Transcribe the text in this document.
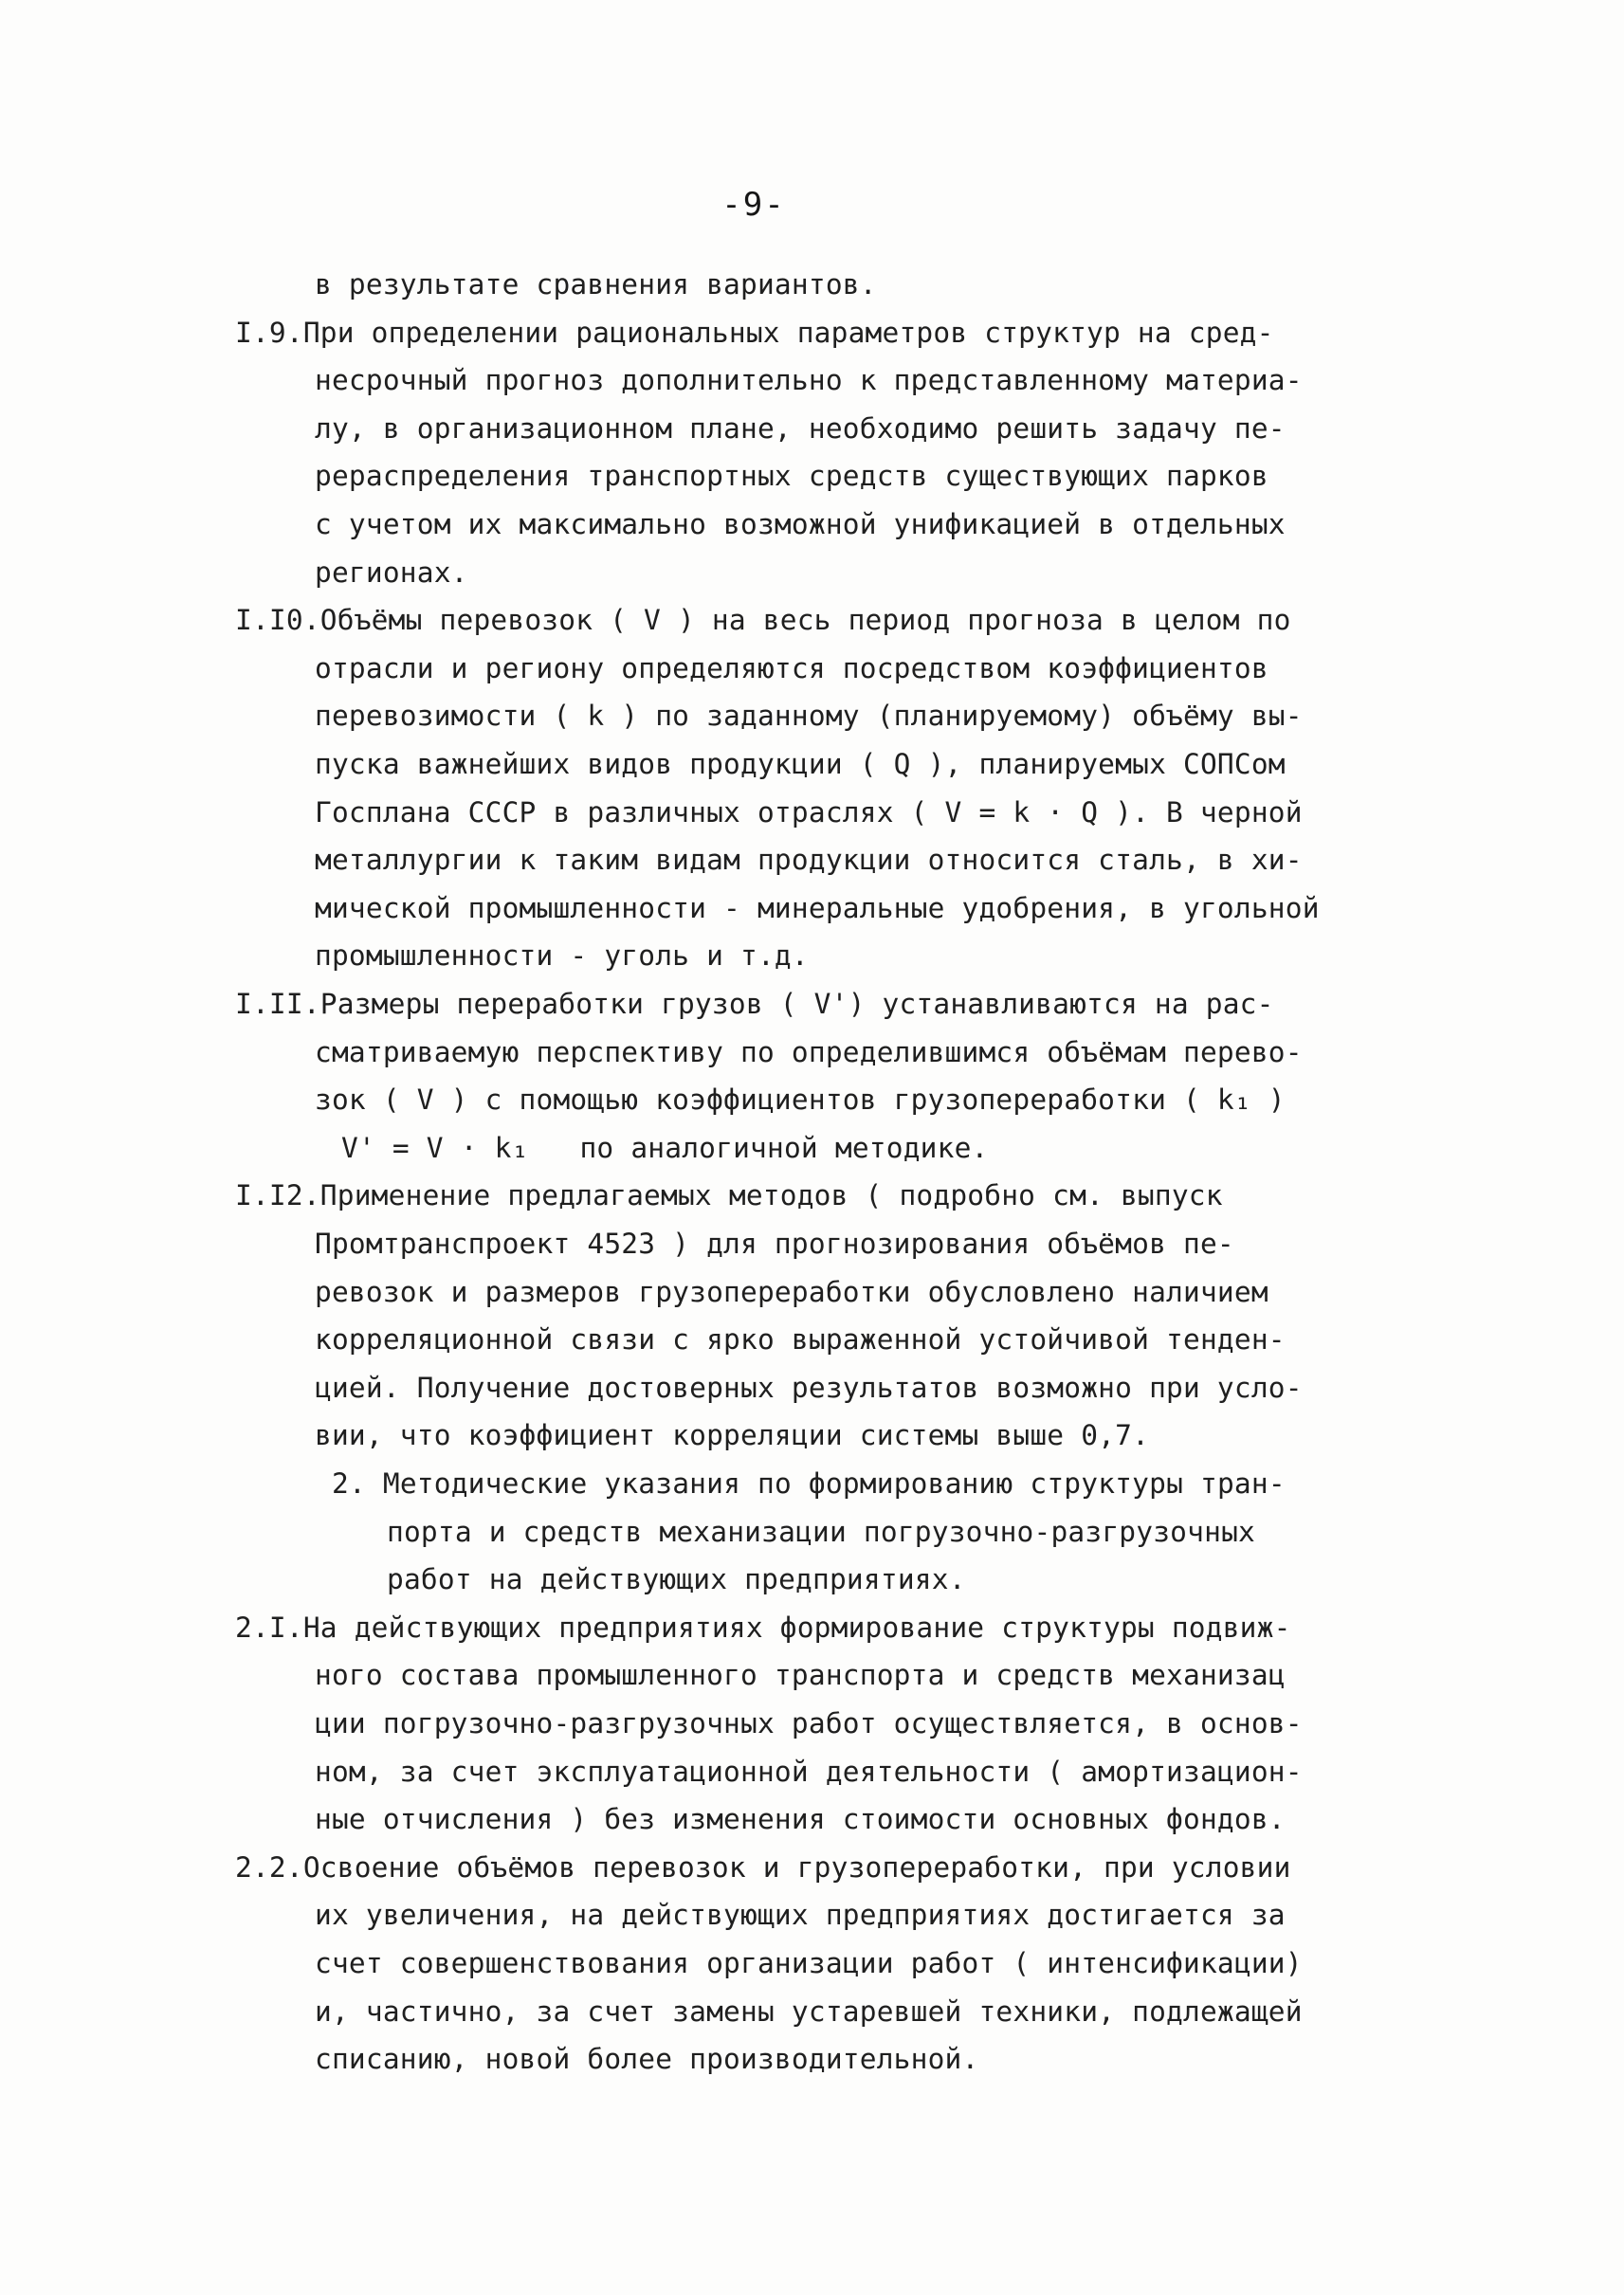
-9-
в результате сравнения вариантов.
I.9.При определении рациональных параметров структур на сред-
несрочный прогноз дополнительно к представленному материа-
лу, в организационном плане, необходимо решить задачу пе-
рераспределения транспортных средств существующих парков
с учетом их максимально возможной унификацией в отдельных
регионах.
I.I0.Объёмы перевозок ( V ) на весь период прогноза в целом по
отрасли и региону определяются посредством коэффициентов
перевозимости ( k ) по заданному (планируемому) объёму вы-
пуска важнейших видов продукции ( Q ), планируемых СОПСом
Госплана СССР в различных отраслях ( V = k · Q ). В черной
металлургии к таким видам продукции относится сталь, в хи-
мической промышленности - минеральные удобрения, в угольной
промышленности - уголь и т.д.
I.II.Размеры переработки грузов ( V') устанавливаются на рас-
сматриваемую перспективу по определившимся объёмам перево-
зок ( V ) с помощью коэффициентов грузопереработки ( k₁ )
V' = V · k₁   по аналогичной методике.
I.I2.Применение предлагаемых методов ( подробно см. выпуск
Промтранспроект 4523 ) для прогнозирования объёмов пе-
ревозок и размеров грузопереработки обусловлено наличием
корреляционной связи с ярко выраженной устойчивой тенден-
цией. Получение достоверных результатов возможно при усло-
вии, что коэффициент корреляции системы выше 0,7.
2. Методические указания по формированию структуры тран-
порта и средств механизации погрузочно-разгрузочных
работ на действующих предприятиях.
2.I.На действующих предприятиях формирование структуры подвиж-
ного состава промышленного транспорта и средств механизац
ции погрузочно-разгрузочных работ осуществляется, в основ-
ном, за счет эксплуатационной деятельности ( амортизацион-
ные отчисления ) без изменения стоимости основных фондов.
2.2.Освоение объёмов перевозок и грузопереработки, при условии
их увеличения, на действующих предприятиях достигается за
счет совершенствования организации работ ( интенсификации)
и, частично, за счет замены устаревшей техники, подлежащей
списанию, новой более производительной.
